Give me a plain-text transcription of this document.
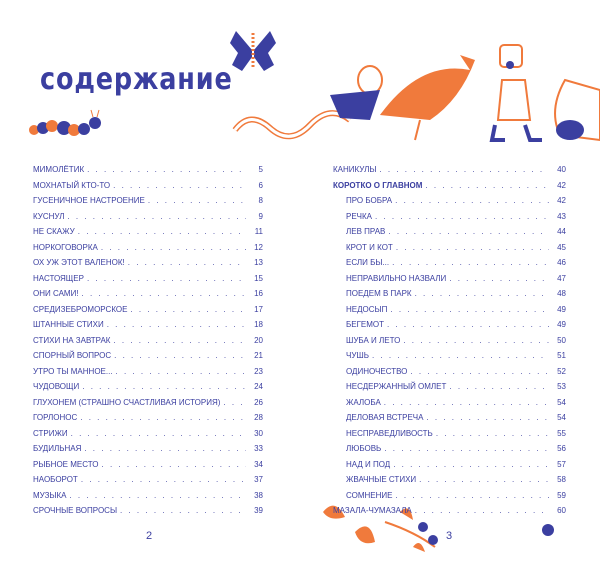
содержание
МИМОЛЁТИК . . .	5
МОХНАТЫЙ КТО-ТО . . .	6
ГУСЕНИЧНОЕ НАСТРОЕНИЕ . . .	8
КУСНУЛ . . .	9
НЕ СКАЖУ . . .	11
НОРКОГОВОРКА . . .	12
ОХ УЖ ЭТОТ ВАЛЕНОК! . . .	13
НАСТОЯЩЕР . . .	15
ОНИ САМИ! . . .	16
СРЕДИЗЕБРОМОРСКОЕ . . .	17
ШТАННЫЕ СТИХИ . . .	18
СТИХИ НА ЗАВТРАК . . .	20
СПОРНЫЙ ВОПРОС . . .	21
УТРО ТЫ МАННОЕ... . . .	23
ЧУДОВОЩИ . . .	24
ГЛУХОНЕМ (СТРАШНО СЧАСТЛИВАЯ ИСТОРИЯ) . . .	26
ГОРЛОНОС . . .	28
СТРИЖИ . . .	30
БУДИЛЬНАЯ . . .	33
РЫБНОЕ МЕСТО . . .	34
НАОБОРОТ . . .	37
МУЗЫКА . . .	38
СРОЧНЫЕ ВОПРОСЫ . . .	39
КАНИКУЛЫ . . .	40
КОРОТКО О ГЛАВНОМ . . .	42
ПРО БОБРА . . .	42
РЕЧКА . . .	43
ЛЕВ ПРАВ . . .	44
КРОТ И КОТ . . .	45
ЕСЛИ БЫ... . . .	46
НЕПРАВИЛЬНО НАЗВАЛИ . . .	47
ПОЕДЕМ В ПАРК . . .	48
НЕДОСЫП . . .	49
БЕГЕМОТ . . .	49
ШУБА И ЛЕТО . . .	50
ЧУШЬ . . .	51
ОДИНОЧЕСТВО . . .	52
НЕСДЕРЖАННЫЙ ОМЛЕТ . . .	53
ЖАЛОБА . . .	54
ДЕЛОВАЯ ВСТРЕЧА . . .	54
НЕСПРАВЕДЛИВОСТЬ . . .	55
ЛЮБОВЬ . . .	56
НАД И ПОД . . .	57
ЖВАЧНЫЕ СТИХИ . . .	58
СОМНЕНИЕ . . .	59
МАЗАЛА-ЧУМАЗАЛА . . .	60
2	3
